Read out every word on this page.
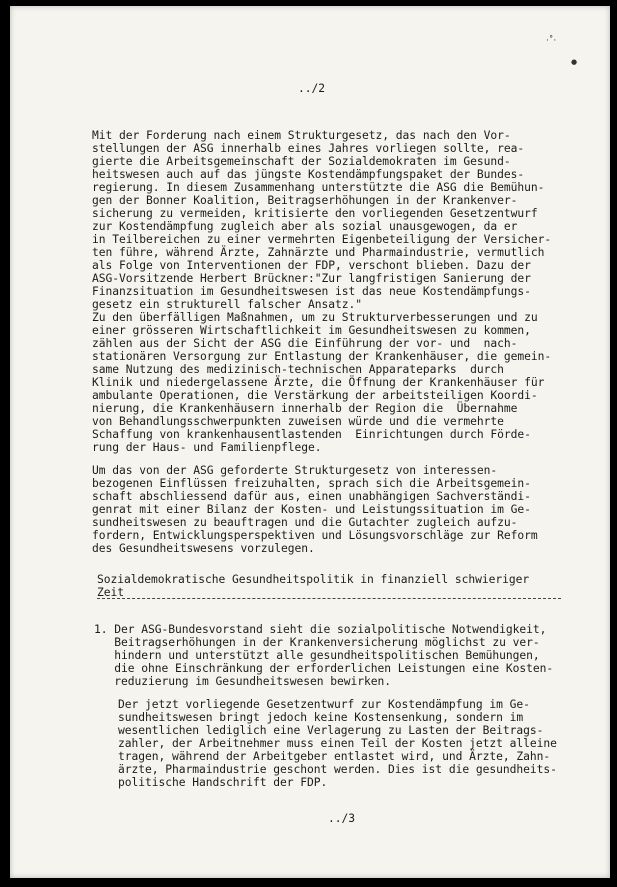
·˚·
●
../2
Mit der Forderung nach einem Strukturgesetz, das nach den Vor-
stellungen der ASG innerhalb eines Jahres vorliegen sollte, rea-
gierte die Arbeitsgemeinschaft der Sozialdemokraten im Gesund-
heitswesen auch auf das jüngste Kostendämpfungspaket der Bundes-
regierung. In diesem Zusammenhang unterstützte die ASG die Bemühun-
gen der Bonner Koalition, Beitragserhöhungen in der Krankenver-
sicherung zu vermeiden, kritisierte den vorliegenden Gesetzentwurf
zur Kostendämpfung zugleich aber als sozial unausgewogen, da er
in Teilbereichen zu einer vermehrten Eigenbeteiligung der Versicher-
ten führe, während Ärzte, Zahnärzte und Pharmaindustrie, vermutlich
als Folge von Interventionen der FDP, verschont blieben. Dazu der
ASG-Vorsitzende Herbert Brückner:"Zur langfristigen Sanierung der
Finanzsituation im Gesundheitswesen ist das neue Kostendämpfungs-
gesetz ein strukturell falscher Ansatz."
Zu den überfälligen Maßnahmen, um zu Strukturverbesserungen und zu
einer grösseren Wirtschaftlichkeit im Gesundheitswesen zu kommen,
zählen aus der Sicht der ASG die Einführung der vor- und  nach-
stationären Versorgung zur Entlastung der Krankenhäuser, die gemein-
same Nutzung des medizinisch-technischen Apparateparks  durch
Klinik und niedergelassene Ärzte, die Öffnung der Krankenhäuser für
ambulante Operationen, die Verstärkung der arbeitsteiligen Koordi-
nierung, die Krankenhäusern innerhalb der Region die  Übernahme
von Behandlungsschwerpunkten zuweisen würde und die vermehrte
Schaffung von krankenhausentlastenden  Einrichtungen durch Förde-
rung der Haus- und Familienpflege.
Um das von der ASG geforderte Strukturgesetz von interessen-
bezogenen Einflüssen freizuhalten, sprach sich die Arbeitsgemein-
schaft abschliessend dafür aus, einen unabhängigen Sachverständi-
genrat mit einer Bilanz der Kosten- und Leistungssituation im Ge-
sundheitswesen zu beauftragen und die Gutachter zugleich aufzu-
fordern, Entwicklungsperspektiven und Lösungsvorschläge zur Reform
des Gesundheitswesens vorzulegen.
Sozialdemokratische Gesundheitspolitik in finanziell schwieriger
Zeit
1. Der ASG-Bundesvorstand sieht die sozialpolitische Notwendigkeit,
Beitragserhöhungen in der Krankenversicherung möglichst zu ver-
hindern und unterstützt alle gesundheitspolitischen Bemühungen,
die ohne Einschränkung der erforderlichen Leistungen eine Kosten-
reduzierung im Gesundheitswesen bewirken.
Der jetzt vorliegende Gesetzentwurf zur Kostendämpfung im Ge-
sundheitswesen bringt jedoch keine Kostensenkung, sondern im
wesentlichen lediglich eine Verlagerung zu Lasten der Beitrags-
zahler, der Arbeitnehmer muss einen Teil der Kosten jetzt alleine
tragen, während der Arbeitgeber entlastet wird, und Ärzte, Zahn-
ärzte, Pharmaindustrie geschont werden. Dies ist die gesundheits-
politische Handschrift der FDP.
../3
